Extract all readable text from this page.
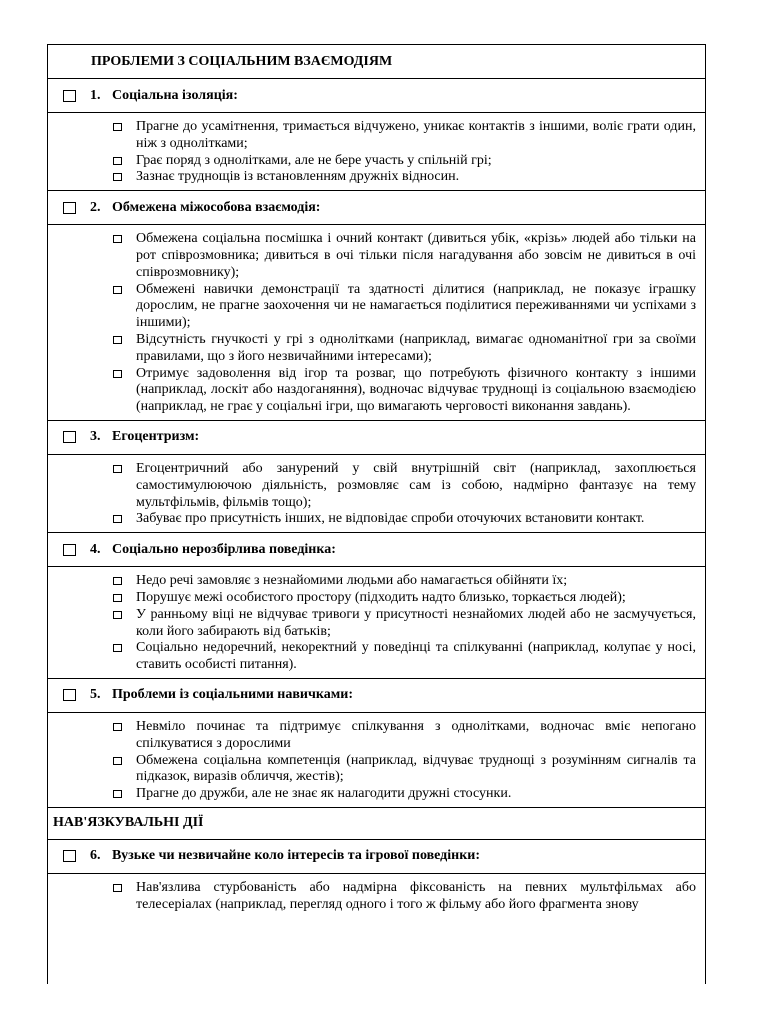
ПРОБЛЕМИ З СОЦІАЛЬНИМ ВЗАЄМОДІЯМ
1. Соціальна ізоляція:
Прагне до усамітнення, тримається відчужено, уникає контактів з іншими, воліє грати один, ніж з однолітками;
Грає поряд з однолітками, але не бере участь у спільній грі;
Зазнає труднощів із встановленням дружніх відносин.
2. Обмежена міжособова взаємодія:
Обмежена соціальна посмішка і очний контакт (дивиться убік, «крізь» людей або тільки на рот співрозмовника; дивиться в очі тільки після нагадування або зовсім не дивиться в очі співрозмовнику);
Обмежені навички демонстрації та здатності ділитися (наприклад, не показує іграшку дорослим, не прагне заохочення чи не намагається поділитися переживаннями чи успіхами з іншими);
Відсутність гнучкості у грі з однолітками (наприклад, вимагає одноманітної гри за своїми правилами, що з його незвичайними інтересами);
Отримує задоволення від ігор та розваг, що потребують фізичного контакту з іншими (наприклад, лоскіт або наздоганяння), водночас відчуває труднощі із соціальною взаємодією (наприклад, не грає у соціальні ігри, що вимагають черговості виконання завдань).
3. Егоцентризм:
Егоцентричний або занурений у свій внутрішній світ (наприклад, захоплюється самостимулюючою діяльність, розмовляє сам із собою, надмірно фантазує на тему мультфільмів, фільмів тощо);
Забуває про присутність інших, не відповідає спроби оточуючих встановити контакт.
4. Соціально нерозбірлива поведінка:
Недо речі замовляє з незнайомими людьми або намагається обійняти їх;
Порушує межі особистого простору (підходить надто близько, торкається людей);
У ранньому віці не відчуває тривоги у присутності незнайомих людей або не засмучується, коли його забирають від батьків;
Соціально недоречний, некоректний у поведінці та спілкуванні (наприклад, колупає у носі, ставить особисті питання).
5. Проблеми із соціальними навичками:
Невміло починає та підтримує спілкування з однолітками, водночас вміє непогано спілкуватися з дорослими
Обмежена соціальна компетенція (наприклад, відчуває труднощі з розумінням сигналів та підказок, виразів обличчя, жестів);
Прагне до дружби, але не знає як налагодити дружні стосунки.
НАВ'ЯЗКУВАЛЬНІ ДІЇ
6. Вузьке чи незвичайне коло інтересів та ігрової поведінки:
Нав'язлива стурбованість або надмірна фіксованість на певних мультфільмах або телесеріалах (наприклад, перегляд одного і того ж фільму або його фрагмента знову
